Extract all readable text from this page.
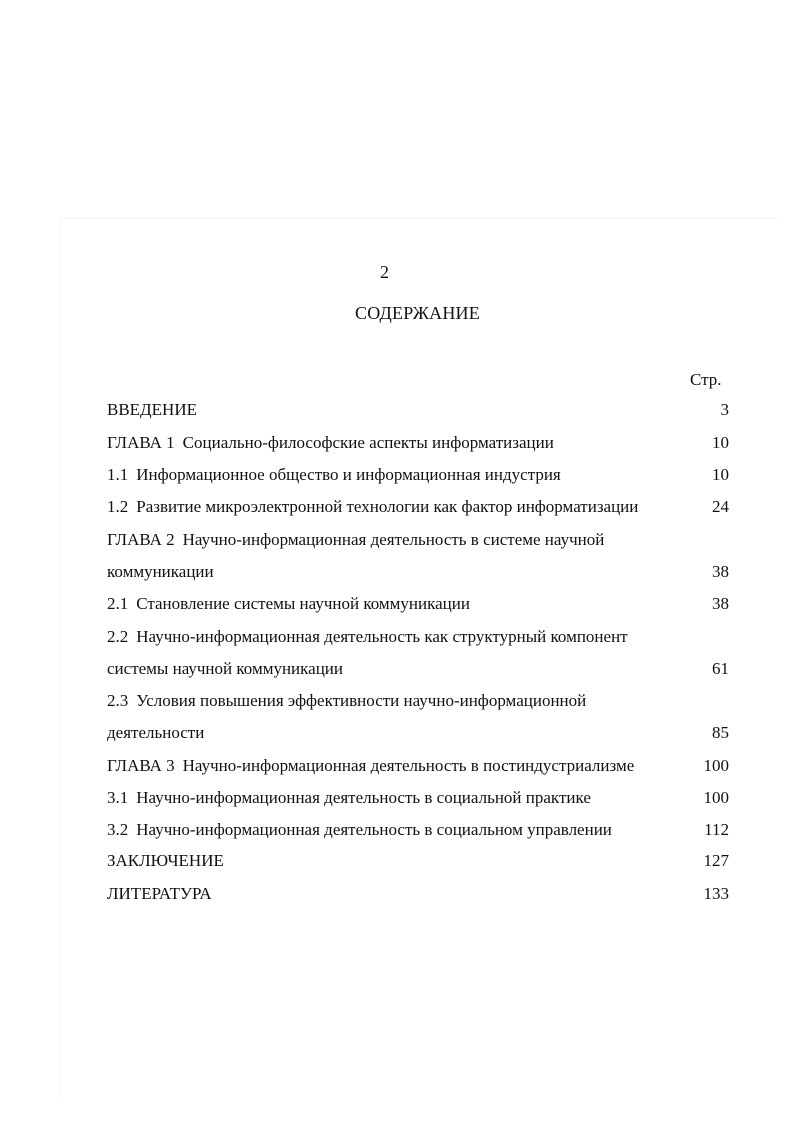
2
СОДЕРЖАНИЕ
Стр.
ВВЕДЕНИЕ	3
ГЛАВА 1 Социально-философские аспекты информатизации	10
1.1 Информационное общество и информационная индустрия	10
1.2 Развитие микроэлектронной технологии как фактор информатизации	24
ГЛАВА 2 Научно-информационная деятельность в системе научной
коммуникации	38
2.1 Становление системы научной коммуникации	38
2.2 Научно-информационная деятельность как структурный компонент
системы научной коммуникации	61
2.3 Условия повышения эффективности научно-информационной
деятельности	85
ГЛАВА 3 Научно-информационная деятельность в постиндустриализме	100
3.1 Научно-информационная деятельность в социальной практике	100
3.2 Научно-информационная деятельность в социальном управлении	112
ЗАКЛЮЧЕНИЕ	127
ЛИТЕРАТУРА	133
